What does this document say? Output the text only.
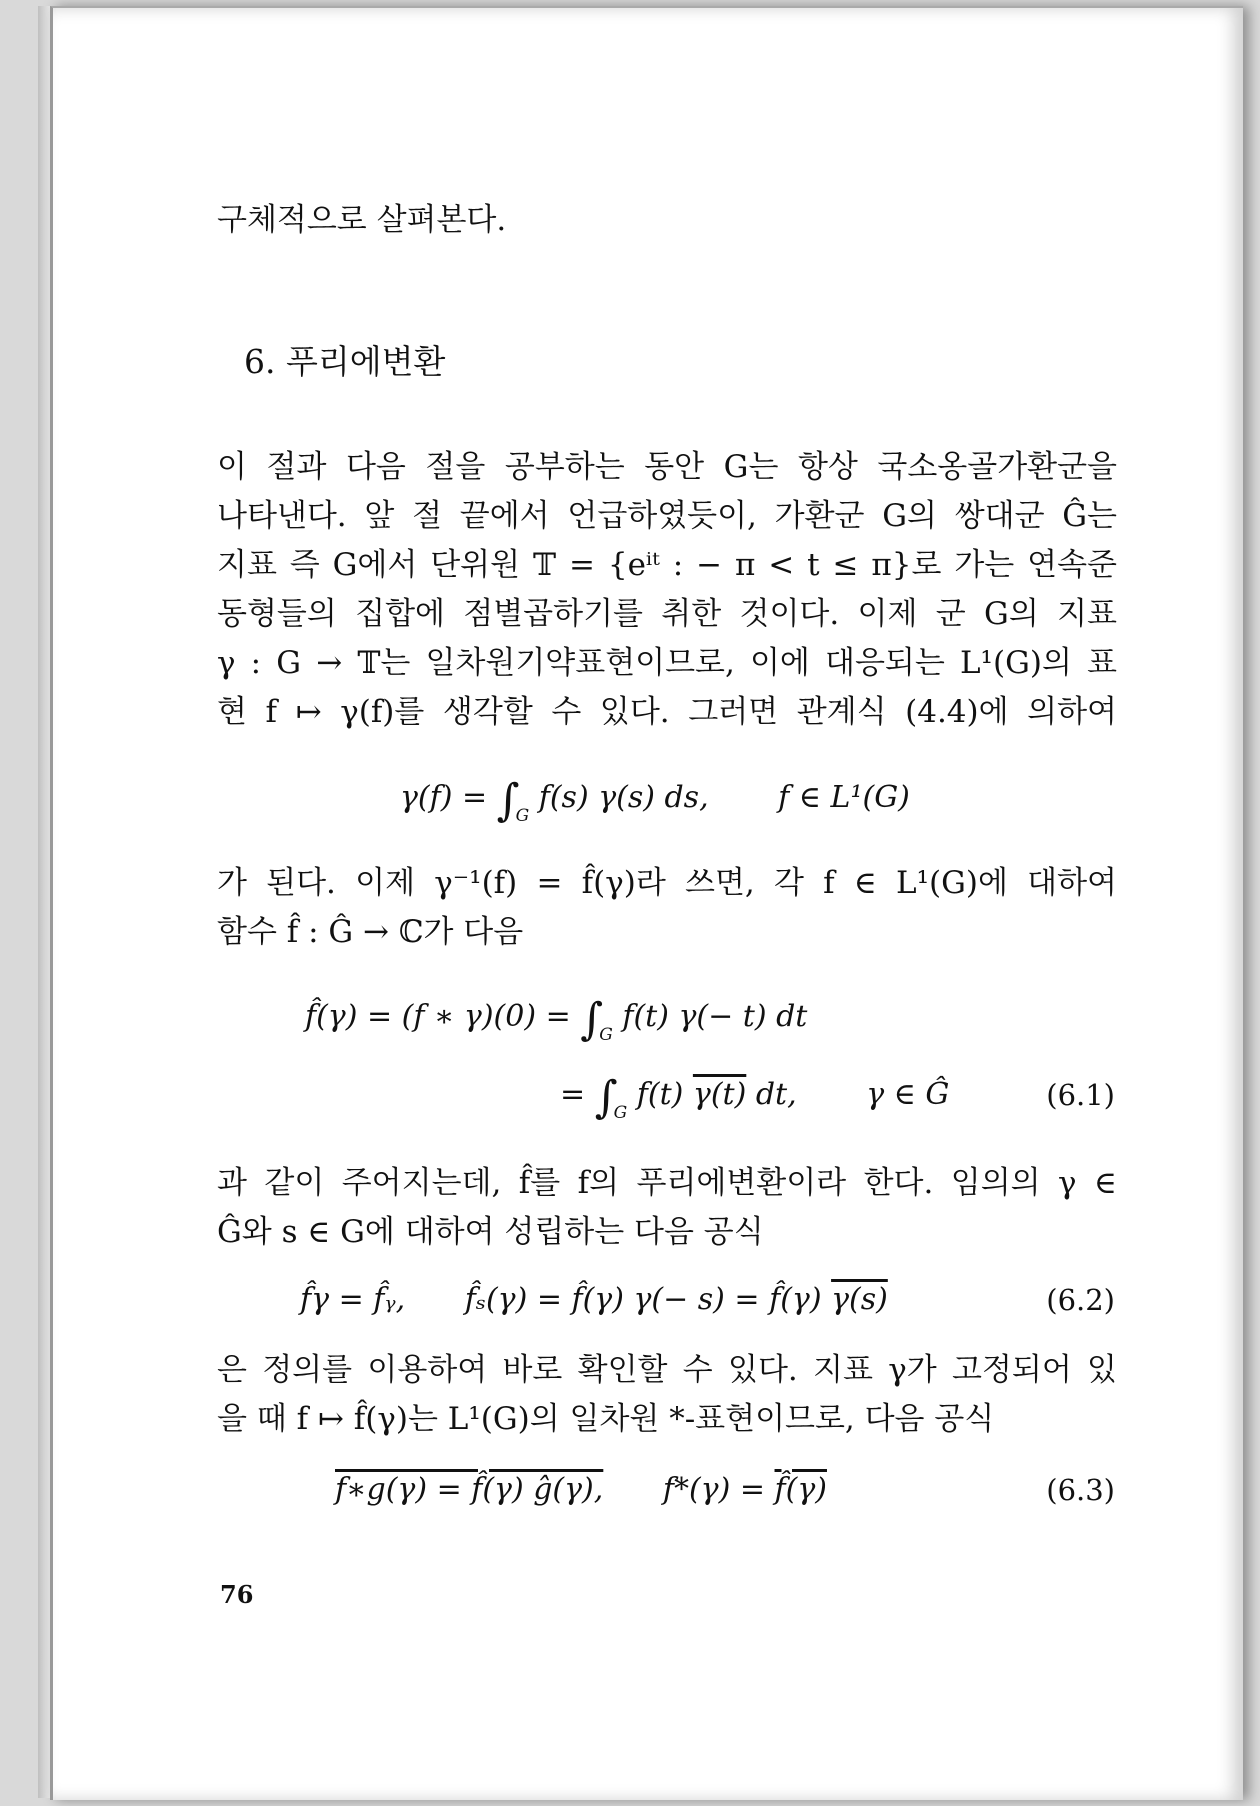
구체적으로 살펴본다.
6. 푸리에변환
이 절과 다음 절을 공부하는 동안 G는 항상 국소옹골가환군을
나타낸다. 앞 절 끝에서 언급하였듯이, 가환군 G의 쌍대군 Ĝ는
지표 즉 G에서 단위원 𝕋 = {eⁱᵗ : − π < t ≤ π}로 가는 연속준
동형들의 집합에 점별곱하기를 취한 것이다. 이제 군 G의 지표
γ : G → 𝕋는 일차원기약표현이므로, 이에 대응되는 L¹(G)의 표
현 f ↦ γ(f)를 생각할 수 있다. 그러면 관계식 (4.4)에 의하여
$\gamma(f) = \int_G$ f(s) γ(s) ds, f ∈ L¹(G)
가 된다. 이제 γ⁻¹(f) = f̂(γ)라 쓰면, 각 f ∈ L¹(G)에 대하여
함수 f̂ : Ĝ → ℂ가 다음
f̂(γ) = (f ∗ $\gamma)(0) = \int_G$ f(t) γ(− t) dt
= $\int_G$ f(t) γ(t) dt, γ ∈ Ĝ	(6.1)
과 같이 주어지는데, f̂를 f의 푸리에변환이라 한다. 임의의 γ ∈
Ĝ와 s ∈ G에 대하여 성립하는 다음 공식
f̂γ = f̂ᵧ, f̂ₛ(γ) = f̂(γ) γ(− s) = f̂(γ) γ(s)	(6.2)
은 정의를 이용하여 바로 확인할 수 있다. 지표 γ가 고정되어 있
을 때 f ↦ f̂(γ)는 L¹(G)의 일차원 *-표현이므로, 다음 공식
f∗g(γ) = f̂(γ) ĝ(γ), f*(γ) = f̂(γ)	(6.3)
76
